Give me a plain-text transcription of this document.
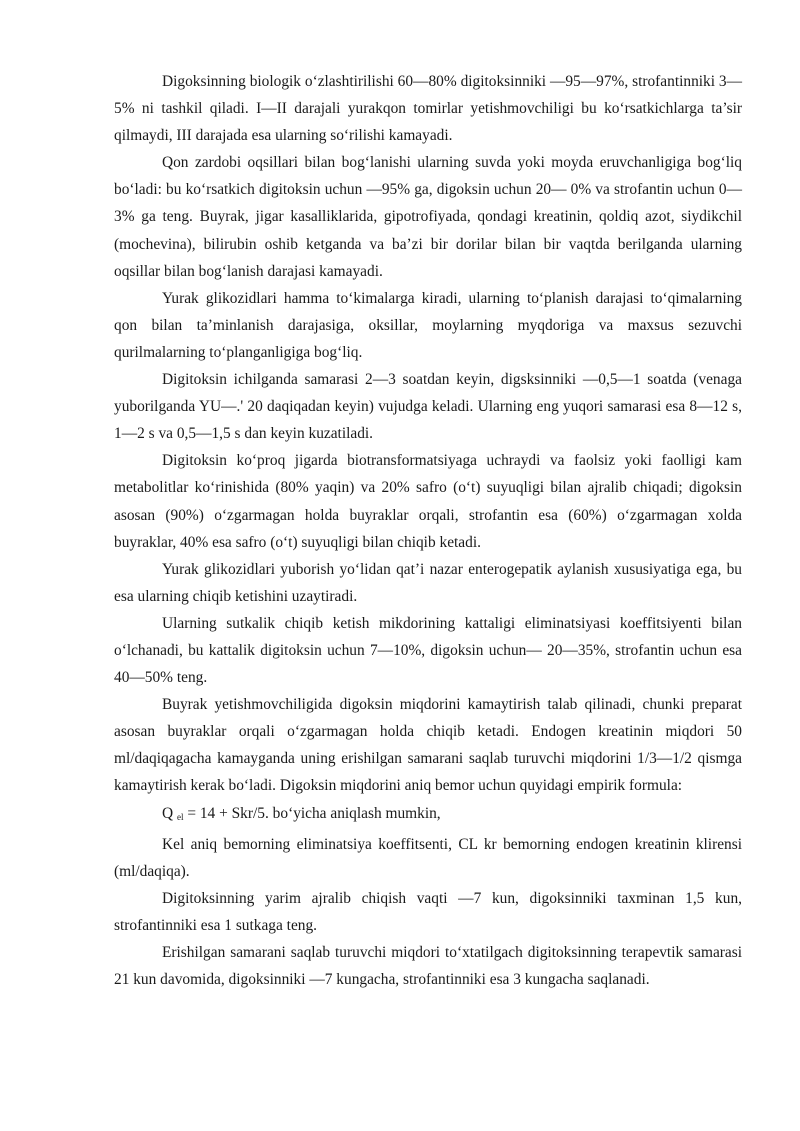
Digoksinning biologik o‘zlashtirilishi 60—80% digitoksinniki —95—97%, strofantinniki 3—5% ni tashkil qiladi. I—II darajali yurakqon tomirlar yetishmovchiligi bu ko‘rsatkichlarga ta’sir qilmaydi, III darajada esa ularning so‘rilishi kamayadi.

Qon zardobi oqsillari bilan bog‘lanishi ularning suvda yoki moyda eruvchanligiga bog‘liq bo‘ladi: bu ko‘rsatkich digitoksin uchun —95% ga, digoksin uchun 20— 0% va strofantin uchun 0—3% ga teng. Buyrak, jigar kasalliklarida, gipotrofiyada, qondagi kreatinin, qoldiq azot, siydikchil (mochevina), bilirubin oshib ketganda va ba’zi bir dorilar bilan bir vaqtda berilganda ularning oqsillar bilan bog‘lanish darajasi kamayadi.

Yurak glikozidlari hamma to‘kimalarga kiradi, ularning to‘planish darajasi to‘qimalarning qon bilan ta’minlanish darajasiga, oksillar, moylarning myqdoriga va maxsus sezuvchi qurilmalarning to‘planganligiga bog‘liq.

Digitoksin ichilganda samarasi 2—3 soatdan keyin, digsksinniki —0,5—1 soatda (venaga yuborilganda YU—.' 20 daqiqadan keyin) vujudga keladi. Ularning eng yuqori samarasi esa 8—12 s, 1—2 s va 0,5—1,5 s dan keyin kuzatiladi.

Digitoksin ko‘proq jigarda biotransformatsiyaga uchraydi va faolsiz yoki faolligi kam metabolitlar ko‘rinishida (80% yaqin) va 20% safro (o‘t) suyuqligi bilan ajralib chiqadi; digoksin asosan (90%) o‘zgarmagan holda buyraklar orqali, strofantin esa (60%) o‘zgarmagan xolda buyraklar, 40% esa safro (o‘t) suyuqligi bilan chiqib ketadi.

Yurak glikozidlari yuborish yo‘lidan qat’i nazar enterogepatik aylanish xususiyatiga ega, bu esa ularning chiqib ketishini uzaytiradi.

Ularning sutkalik chiqib ketish mikdorining kattaligi eliminatsiyasi koeffitsiyenti bilan o‘lchanadi, bu kattalik digitoksin uchun 7—10%, digoksin uchun— 20—35%, strofantin uchun esa 40—50% teng.

Buyrak yetishmovchiligida digoksin miqdorini kamaytirish talab qilinadi, chunki preparat asosan buyraklar orqali o‘zgarmagan holda chiqib ketadi. Endogen kreatinin miqdori 50 ml/daqiqagacha kamayganda uning erishilgan samarani saqlab turuvchi miqdorini 1/3—1/2 qismga kamaytirish kerak bo‘ladi. Digoksin miqdorini aniq bemor uchun quyidagi empirik formula:

Q $_{el}$ = 14 + Skr/5. bo‘yicha aniqlash mumkin,

Kel aniq bemorning eliminatsiya koeffitsenti, CL kr bemorning endogen kreatinin klirensi (ml/daqiqa).

Digitoksinning yarim ajralib chiqish vaqti —7 kun, digoksinniki taxminan 1,5 kun, strofantinniki esa 1 sutkaga teng.

Erishilgan samarani saqlab turuvchi miqdori to‘xtatilgach digitoksinning terapevtik samarasi 21 kun davomida, digoksinniki —7 kungacha, strofantinniki esa 3 kungacha saqlanadi.
